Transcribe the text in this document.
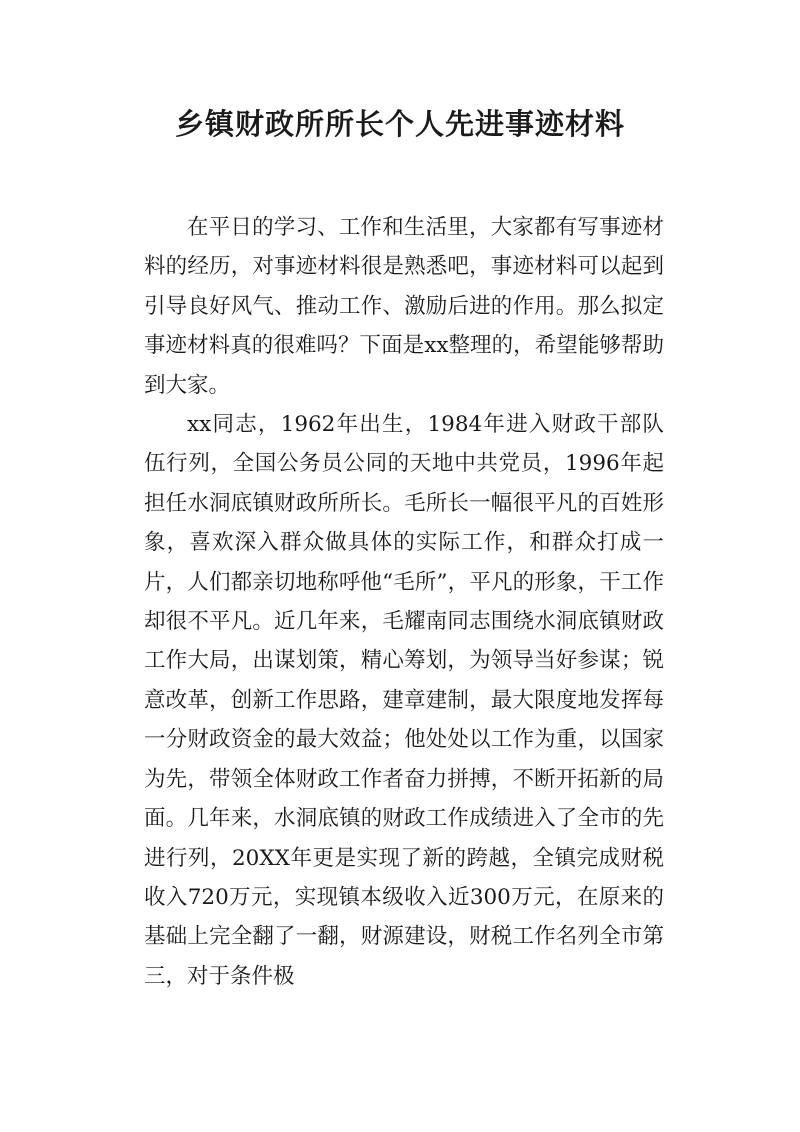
乡镇财政所所长个人先进事迹材料

在平日的学习、工作和生活里，大家都有写事迹材料的经历，对事迹材料很是熟悉吧，事迹材料可以起到引导良好风气、推动工作、激励后进的作用。那么拟定事迹材料真的很难吗？下面是xx整理的，希望能够帮助到大家。

xx同志，1962年出生，1984年进入财政干部队伍行列，全国公务员公同的天地中共党员，1996年起担任水洞底镇财政所所长。毛所长一幅很平凡的百姓形象，喜欢深入群众做具体的实际工作，和群众打成一片，人们都亲切地称呼他“毛所”，平凡的形象，干工作却很不平凡。近几年来，毛耀南同志围绕水洞底镇财政工作大局，出谋划策，精心筹划，为领导当好参谋；锐意改革，创新工作思路，建章建制，最大限度地发挥每一分财政资金的最大效益；他处处以工作为重，以国家为先，带领全体财政工作者奋力拼搏，不断开拓新的局面。几年来，水洞底镇的财政工作成绩进入了全市的先进行列，20XX年更是实现了新的跨越，全镇完成财税收入720万元，实现镇本级收入近300万元，在原来的基础上完全翻了一翻，财源建设，财税工作名列全市第三，对于条件极
